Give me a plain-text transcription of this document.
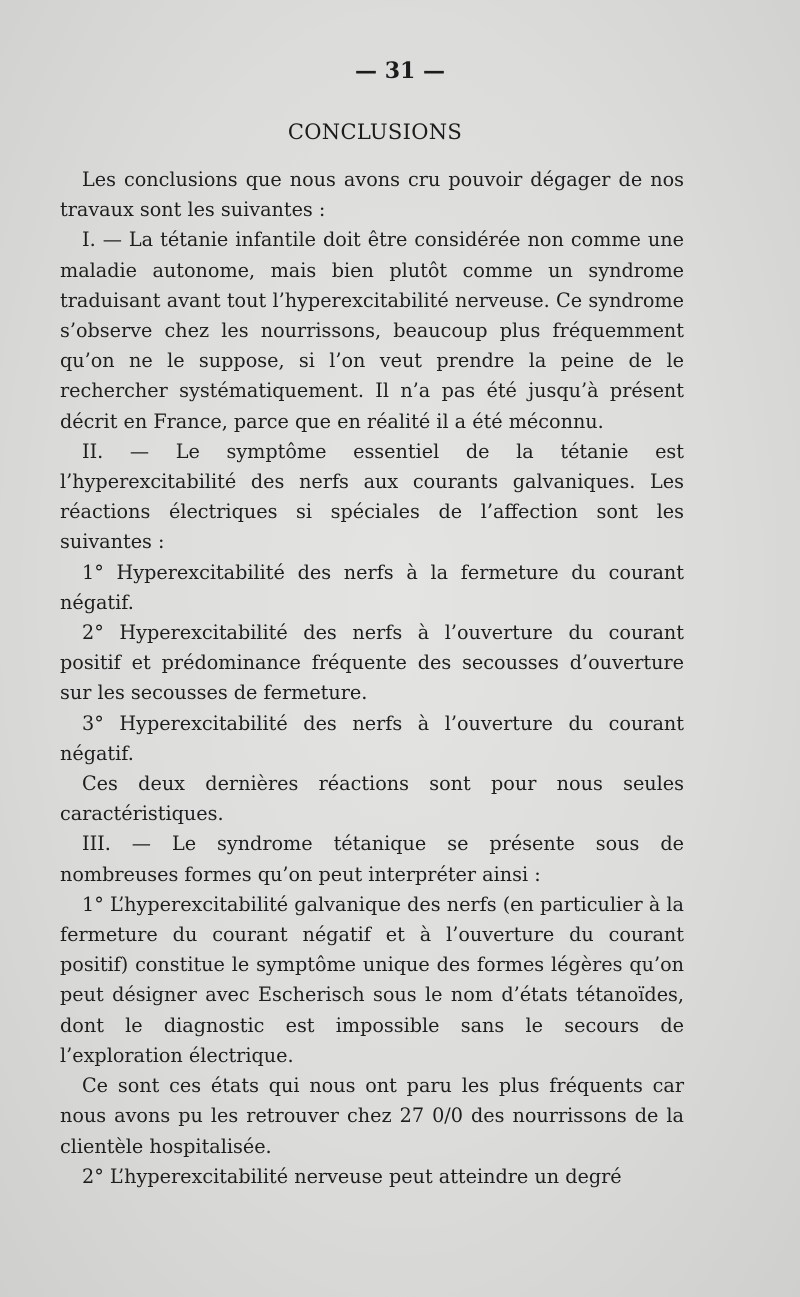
— 31 —
CONCLUSIONS

Les conclusions que nous avons cru pouvoir dégager de nos travaux sont les suivantes :

I. — La tétanie infantile doit être considérée non comme une maladie autonome, mais bien plutôt comme un syndrome traduisant avant tout l’hyperexcitabilité nerveuse. Ce syndrome s’observe chez les nourrissons, beaucoup plus fréquemment qu’on ne le suppose, si l’on veut prendre la peine de le rechercher systématiquement. Il n’a pas été jusqu’à présent décrit en France, parce que en réalité il a été méconnu.

II. — Le symptôme essentiel de la tétanie est l’hyperexcitabilité des nerfs aux courants galvaniques. Les réactions électriques si spéciales de l’affection sont les suivantes :

1° Hyperexcitabilité des nerfs à la fermeture du courant négatif.

2° Hyperexcitabilité des nerfs à l’ouverture du courant positif et prédominance fréquente des secousses d’ouverture sur les secousses de fermeture.

3° Hyperexcitabilité des nerfs à l’ouverture du courant négatif.

Ces deux dernières réactions sont pour nous seules caractéristiques.

III. — Le syndrome tétanique se présente sous de nombreuses formes qu’on peut interpréter ainsi :

1° L’hyperexcitabilité galvanique des nerfs (en particulier à la fermeture du courant négatif et à l’ouverture du courant positif) constitue le symptôme unique des formes légères qu’on peut désigner avec Escherisch sous le nom d’états tétanoïdes, dont le diagnostic est impossible sans le secours de l’exploration électrique.

Ce sont ces états qui nous ont paru les plus fréquents car nous avons pu les retrouver chez 27 0/0 des nourrissons de la clientèle hospitalisée.

2° L’hyperexcitabilité nerveuse peut atteindre un degré
